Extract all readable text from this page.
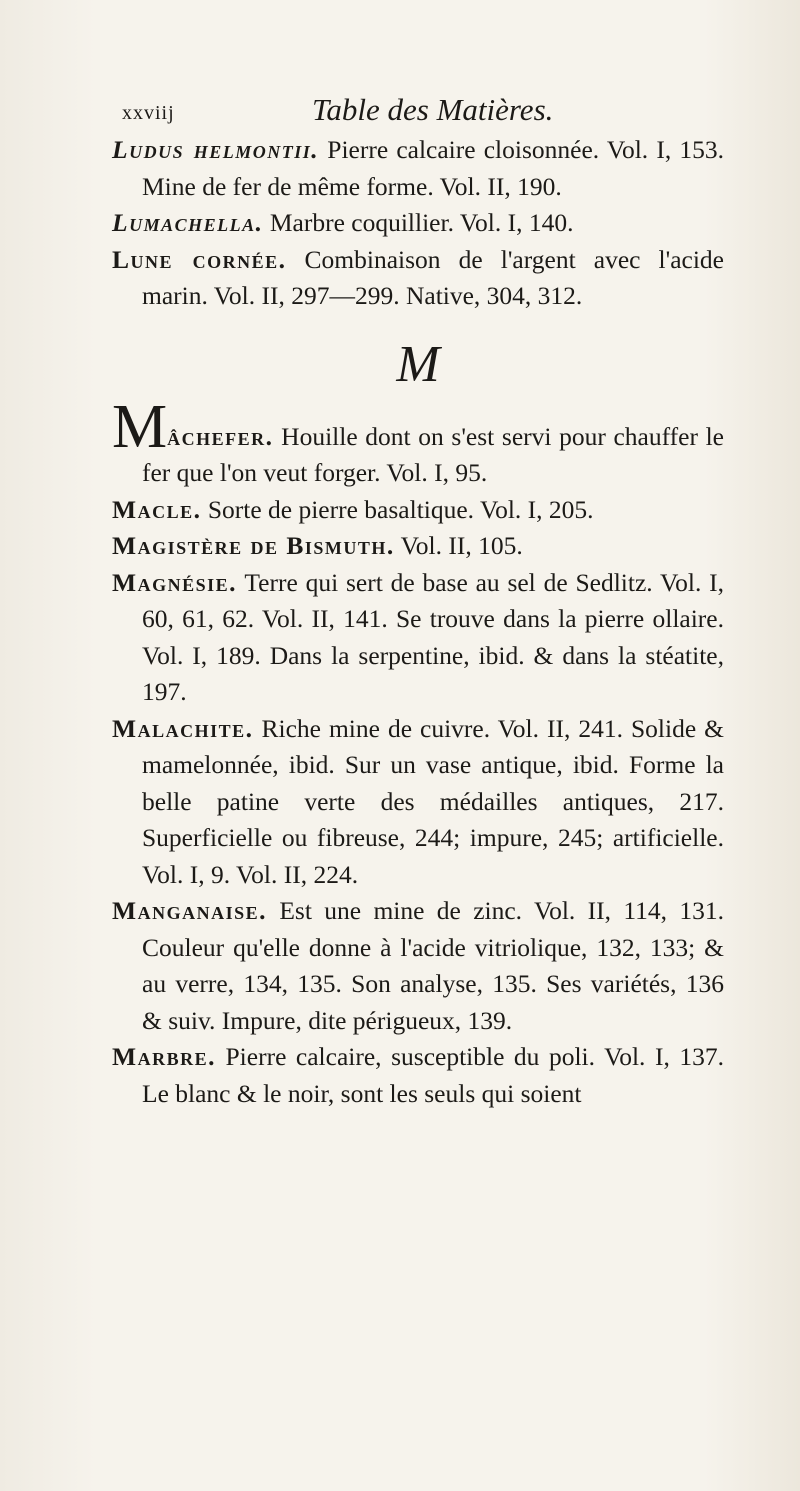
xxviij	Table des Matières.

Ludus helmontii. Pierre calcaire cloisonnée. Vol. I, 153. Mine de fer de même forme. Vol. II, 190.

Lumachella. Marbre coquillier. Vol. I, 140.

Lune cornée. Combinaison de l'argent avec l'acide marin. Vol. II, 297—299. Native, 304, 312.

M

Mâchefer. Houille dont on s'est servi pour chauffer le fer que l'on veut forger. Vol. I, 95.

Macle. Sorte de pierre basaltique. Vol. I, 205.

Magistère de Bismuth. Vol. II, 105.

Magnésie. Terre qui sert de base au sel de Sedlitz. Vol. I, 60, 61, 62. Vol. II, 141. Se trouve dans la pierre ollaire. Vol. I, 189. Dans la serpentine, ibid. & dans la stéatite, 197.

Malachite. Riche mine de cuivre. Vol. II, 241. Solide & mamelonnée, ibid. Sur un vase antique, ibid. Forme la belle patine verte des médailles antiques, 217. Superficielle ou fibreuse, 244; impure, 245; artificielle. Vol. I, 9. Vol. II, 224.

Manganaise. Est une mine de zinc. Vol. II, 114, 131. Couleur qu'elle donne à l'acide vitriolique, 132, 133; & au verre, 134, 135. Son analyse, 135. Ses variétés, 136 & suiv. Impure, dite périgueux, 139.

Marbre. Pierre calcaire, susceptible du poli. Vol. I, 137. Le blanc & le noir, sont les seuls qui soient
